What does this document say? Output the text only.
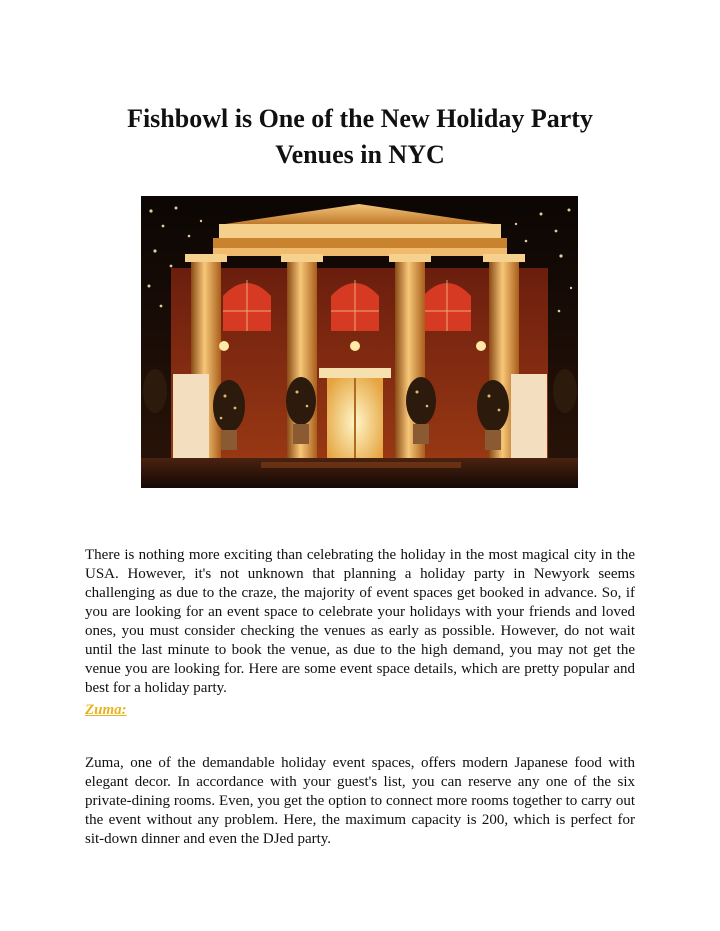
Fishbowl is One of the New Holiday Party
Venues in NYC

There is nothing more exciting than celebrating the holiday in the most magical city in the USA. However, it's not unknown that planning a holiday party in Newyork seems challenging as due to the craze, the majority of event spaces get booked in advance. So, if you are looking for an event space to celebrate your holidays with your friends and loved ones, you must consider checking the venues as early as possible. However, do not wait until the last minute to book the venue, as due to the high demand, you may not get the venue you are looking for. Here are some event space details, which are pretty popular and best for a holiday party.

Zuma:

Zuma, one of the demandable holiday event spaces, offers modern Japanese food with elegant decor. In accordance with your guest's list, you can reserve any one of the six private-dining rooms. Even, you get the option to connect more rooms together to carry out the event without any problem. Here, the maximum capacity is 200, which is perfect for sit-down dinner and even the DJed party.
